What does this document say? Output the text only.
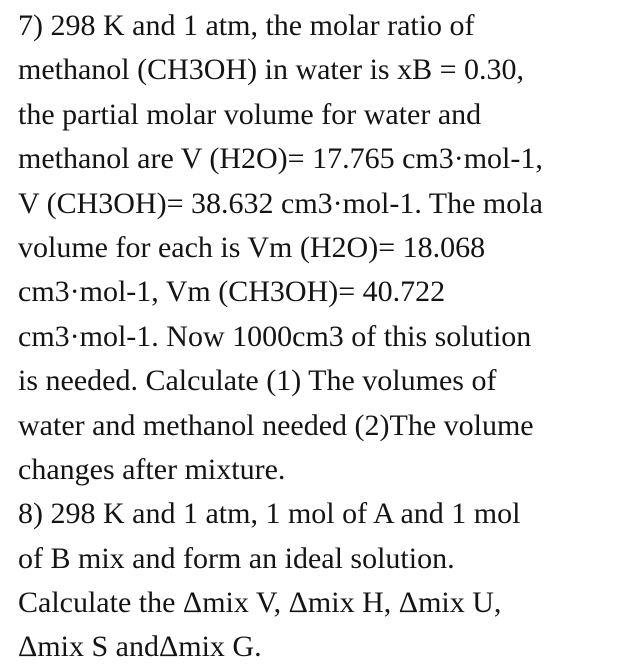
7) 298 K and 1 atm, the molar ratio of
methanol (CH3OH) in water is xB = 0.30,
the partial molar volume for water and
methanol are V (H2O)= 17.765 cm3·mol-1,
V (CH3OH)= 38.632 cm3·mol-1. The mola
volume for each is Vm (H2O)= 18.068
cm3·mol-1, Vm (CH3OH)= 40.722
cm3·mol-1. Now 1000cm3 of this solution
is needed. Calculate (1) The volumes of
water and methanol needed (2)The volume
changes after mixture.
8) 298 K and 1 atm, 1 mol of A and 1 mol
of B mix and form an ideal solution.
Calculate the Δmix V, Δmix H, Δmix U,
Δmix S andΔmix G.
